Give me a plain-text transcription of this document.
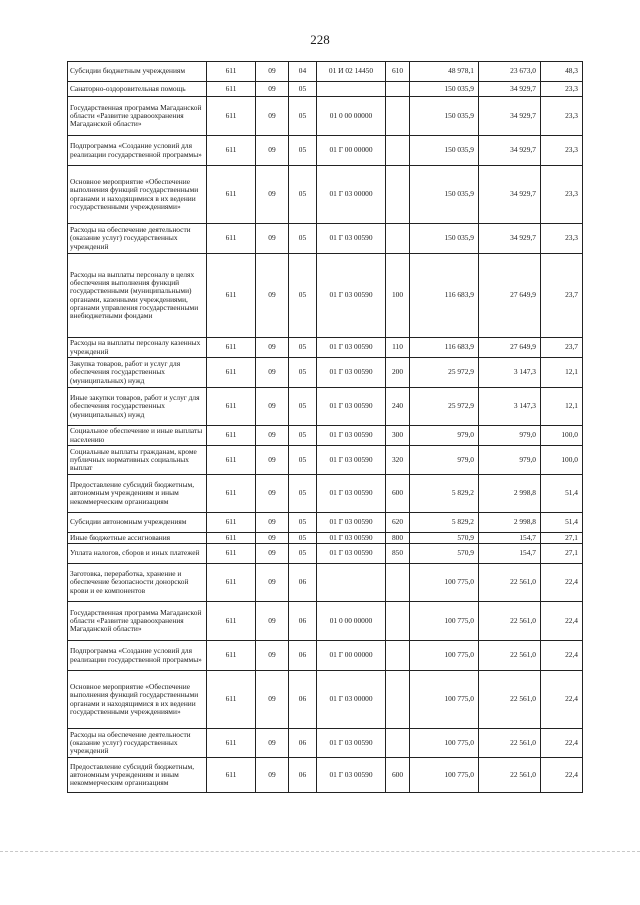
228
Субсидии бюджетным учреждениям	611	09	04	01 И 02 14450	610	48 978,1	23 673,0	48,3
Санаторно-оздоровительная помощь	611	09	05			150 035,9	34 929,7	23,3
Государственная программа Магаданской области «Развитие здравоохранения Магаданской области»	611	09	05	01 0 00 00000		150 035,9	34 929,7	23,3
Подпрограмма «Создание условий для реализации государственной программы»	611	09	05	01 Г 00 00000		150 035,9	34 929,7	23,3
Основное мероприятие «Обеспечение выполнения функций государственными органами и находящимися в их ведении государственными учреждениями»	611	09	05	01 Г 03 00000		150 035,9	34 929,7	23,3
Расходы на обеспечение деятельности (оказание услуг) государственных учреждений	611	09	05	01 Г 03 00590		150 035,9	34 929,7	23,3
Расходы на выплаты персоналу в целях обеспечения выполнения функций государственными (муниципальными) органами, казенными учреждениями, органами управления государственными внебюджетными фондами	611	09	05	01 Г 03 00590	100	116 683,9	27 649,9	23,7
Расходы на выплаты персоналу казенных учреждений	611	09	05	01 Г 03 00590	110	116 683,9	27 649,9	23,7
Закупка товаров, работ и услуг для обеспечения государственных (муниципальных) нужд	611	09	05	01 Г 03 00590	200	25 972,9	3 147,3	12,1
Иные закупки товаров, работ и услуг для обеспечения государственных (муниципальных) нужд	611	09	05	01 Г 03 00590	240	25 972,9	3 147,3	12,1
Социальное обеспечение и иные выплаты населению	611	09	05	01 Г 03 00590	300	979,0	979,0	100,0
Социальные выплаты гражданам, кроме публичных нормативных социальных выплат	611	09	05	01 Г 03 00590	320	979,0	979,0	100,0
Предоставление субсидий бюджетным, автономным учреждениям и иным некоммерческим организациям	611	09	05	01 Г 03 00590	600	5 829,2	2 998,8	51,4
Субсидии автономным учреждениям	611	09	05	01 Г 03 00590	620	5 829,2	2 998,8	51,4
Иные бюджетные ассигнования	611	09	05	01 Г 03 00590	800	570,9	154,7	27,1
Уплата налогов, сборов и иных платежей	611	09	05	01 Г 03 00590	850	570,9	154,7	27,1
Заготовка, переработка, хранение и обеспечение безопасности донорской крови и ее компонентов	611	09	06			100 775,0	22 561,0	22,4
Государственная программа Магаданской области «Развитие здравоохранения Магаданской области»	611	09	06	01 0 00 00000		100 775,0	22 561,0	22,4
Подпрограмма «Создание условий для реализации государственной программы»	611	09	06	01 Г 00 00000		100 775,0	22 561,0	22,4
Основное мероприятие «Обеспечение выполнения функций государственными органами и находящимися в их ведении государственными учреждениями»	611	09	06	01 Г 03 00000		100 775,0	22 561,0	22,4
Расходы на обеспечение деятельности (оказание услуг) государственных учреждений	611	09	06	01 Г 03 00590		100 775,0	22 561,0	22,4
Предоставление субсидий бюджетным, автономным учреждениям и иным некоммерческим организациям	611	09	06	01 Г 03 00590	600	100 775,0	22 561,0	22,4
